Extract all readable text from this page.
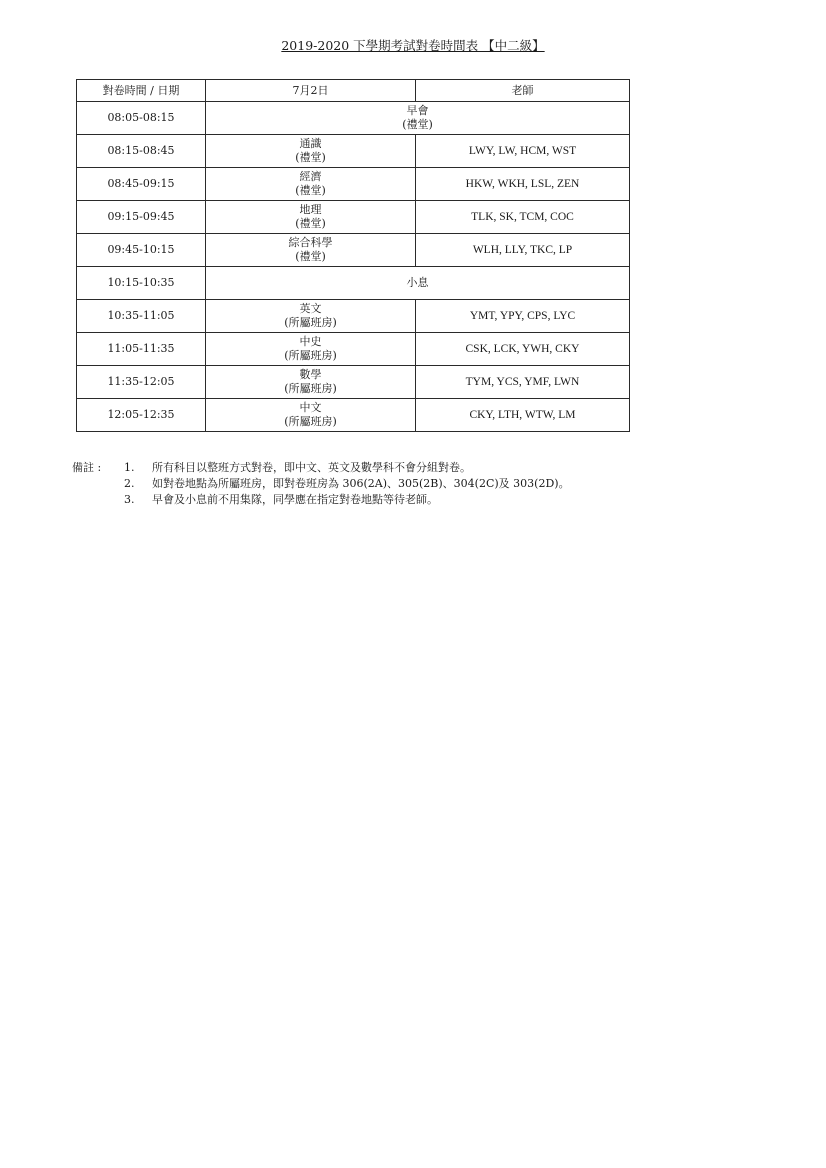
2019-2020 下學期考試對卷時間表 【中二級】
對卷時間 / 日期	7月2日	老師
08:05-08:15	早會
(禮堂)	

08:15-08:45	通識
(禮堂)	LWY, LW, HCM, WST
08:45-09:15	經濟
(禮堂)	HKW, WKH, LSL, ZEN
09:15-09:45	地理
(禮堂)	TLK, SK, TCM, COC
09:45-10:15	綜合科學
(禮堂)	WLH, LLY, TKC, LP
10:15-10:35	小息	

10:35-11:05	英文
(所屬班房)	YMT, YPY, CPS, LYC
11:05-11:35	中史
(所屬班房)	CSK, LCK, YWH, CKY
11:35-12:05	數學
(所屬班房)	TYM, YCS, YMF, LWN
12:05-12:35	中文
(所屬班房)	CKY, LTH, WTW, LM
備註 :	1.	所有科目以整班方式對卷，即中文、英文及數學科不會分組對卷。
2.	如對卷地點為所屬班房，即對卷班房為 306(2A)、305(2B)、304(2C)及 303(2D)。
3.	早會及小息前不用集隊，同學應在指定對卷地點等待老師。
